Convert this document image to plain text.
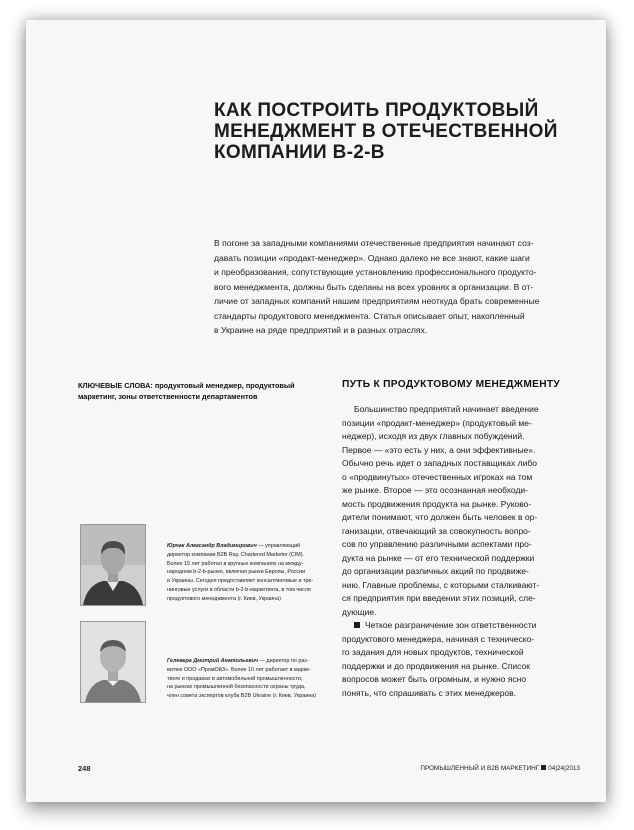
КАК ПОСТРОИТЬ ПРОДУКТОВЫЙ
МЕНЕДЖМЕНТ В ОТЕЧЕСТВЕННОЙ
КОМПАНИИ B-2-B
В погоне за западными компаниями отечественные предприятия начинают соз-
давать позиции «продакт-менеджер». Однако далеко не все знают, какие шаги
и преобразования, сопутствующие установлению профессионального продукто-
вого менеджмента, должны быть сделаны на всех уровнях в организации. В от-
личие от западных компаний нашим предприятиям неоткуда брать современные
стандарты продуктового менеджмента. Статья описывает опыт, накопленный
в Украине на ряде предприятий и в разных отраслях.
КЛЮЧЕВЫЕ СЛОВА: продуктовый менеджер, продуктовый
маркетинг, зоны ответственности департаментов
ПУТЬ К ПРОДУКТОВОМУ МЕНЕДЖМЕНТУ
Большинство предприятий начинает введение
позиции «продакт-менеджер» (продуктовый ме-
неджер), исходя из двух главных побуждений.
Первое — «это есть у них, а они эффективные».
Обычно речь идет о западных поставщиках либо
о «продвинутых» отечественных игроках на том
же рынке. Второе — это осознанная необходи-
мость продвижения продукта на рынке. Руково-
дители понимают, что должен быть человек в ор-
ганизации, отвечающий за совокупность вопро-
сов по управлению различными аспектами про-
дукта на рынке — от его технической поддержки
до организации различных акций по продвиже-
нию. Главные проблемы, с которыми сталкивают-
ся предприятия при введении этих позиций, сле-
дующие.
Четкое разграничение зон ответственности
продуктового менеджера, начиная с техническо-
го задания для новых продуктов, технической
поддержки и до продвижения на рынке. Список
вопросов может быть огромным, и нужно ясно
понять, что спрашивать с этих менеджеров.
Юрчак Александр Владимирович — управляющий
директор компании B2B Ray, Chartered Marketer (CIM).
Более 15 лет работал в крупных компаниях на между-
народном b-2-b-рынке, включая рынки Европы, России
и Украины. Сегодня предоставляет консалтинговые и тре-
нинговые услуги в области b-2-b-маркетинга, в том числе
продуктового менеджмента (г. Киев, Украина)
Гелевера Дмитрий Анатольевич — директор по раз-
витию ООО «ПромОйЗ». Более 10 лет работает в марке-
тинге и продажах в автомобильной промышленности,
на рынках промышленной безопасности охраны труда,
член совета экспертов клуба B2B Ukraine (г. Киев, Украина)
248	ПРОМЫШЛЕННЫЙ И B2B МАРКЕТИНГ 04|24|2013
